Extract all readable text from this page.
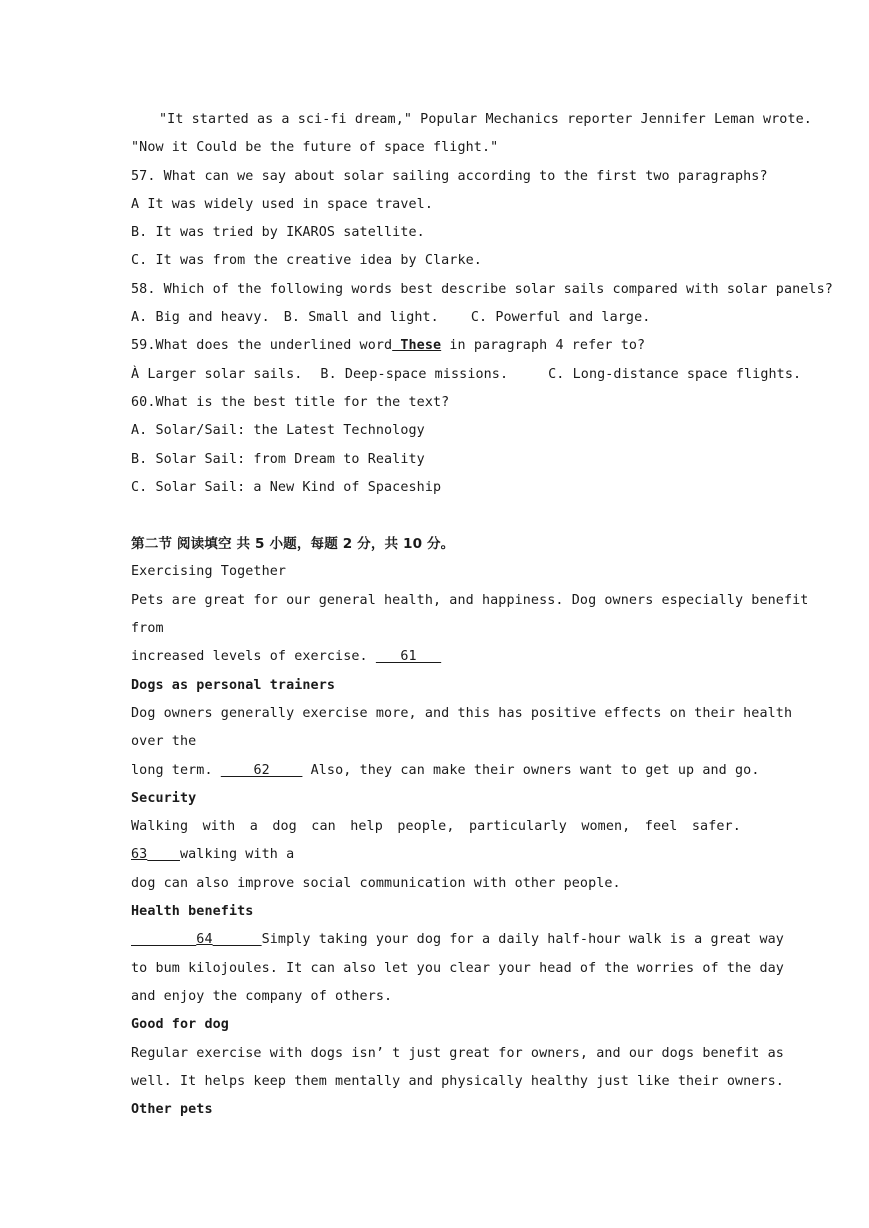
"It started as a sci-fi dream," Popular Mechanics reporter Jennifer Leman wrote.
"Now it Could be the future of space flight."
57. What can we say about solar sailing according to the first two paragraphs?
A It was widely used in space travel.
B. It was tried by IKAROS satellite.
C. It was from the creative idea by Clarke.
58. Which of the following words best describe solar sails compared with solar panels?
A. Big and heavy. B. Small and light. C. Powerful and large.
59.What does the underlined word These in paragraph 4 refer to?
À Larger solar sails. B. Deep-space missions.	C. Long-distance space flights.
60.What is the best title for the text?
A. Solar/Sail: the Latest Technology
B. Solar Sail: from Dream to Reality
C. Solar Sail: a New Kind of Spaceship
第二节 阅读填空 共 5 小题，每题 2 分，共 10 分。
Exercising Together
Pets are great for our general health, and happiness. Dog owners especially benefit
from
increased levels of exercise.    61
Dogs as personal trainers
Dog owners generally exercise more, and this has positive effects on their health
over the
long term.     62     Also, they can make their owners want to get up and go.
Security
Walking with a dog can help people, particularly women, feel safer.
63 walking with a
dog can also improve social communication with other people.
Health benefits
64	Simply taking your dog for a daily half-hour walk is a great way
to bum kilojoules. It can also let you clear your head of the worries of the day
and enjoy the company of others.
Good for dog
Regular exercise with dogs isn’ t just great for owners, and our dogs benefit as
well. It helps keep them mentally and physically healthy just like their owners.
Other pets
